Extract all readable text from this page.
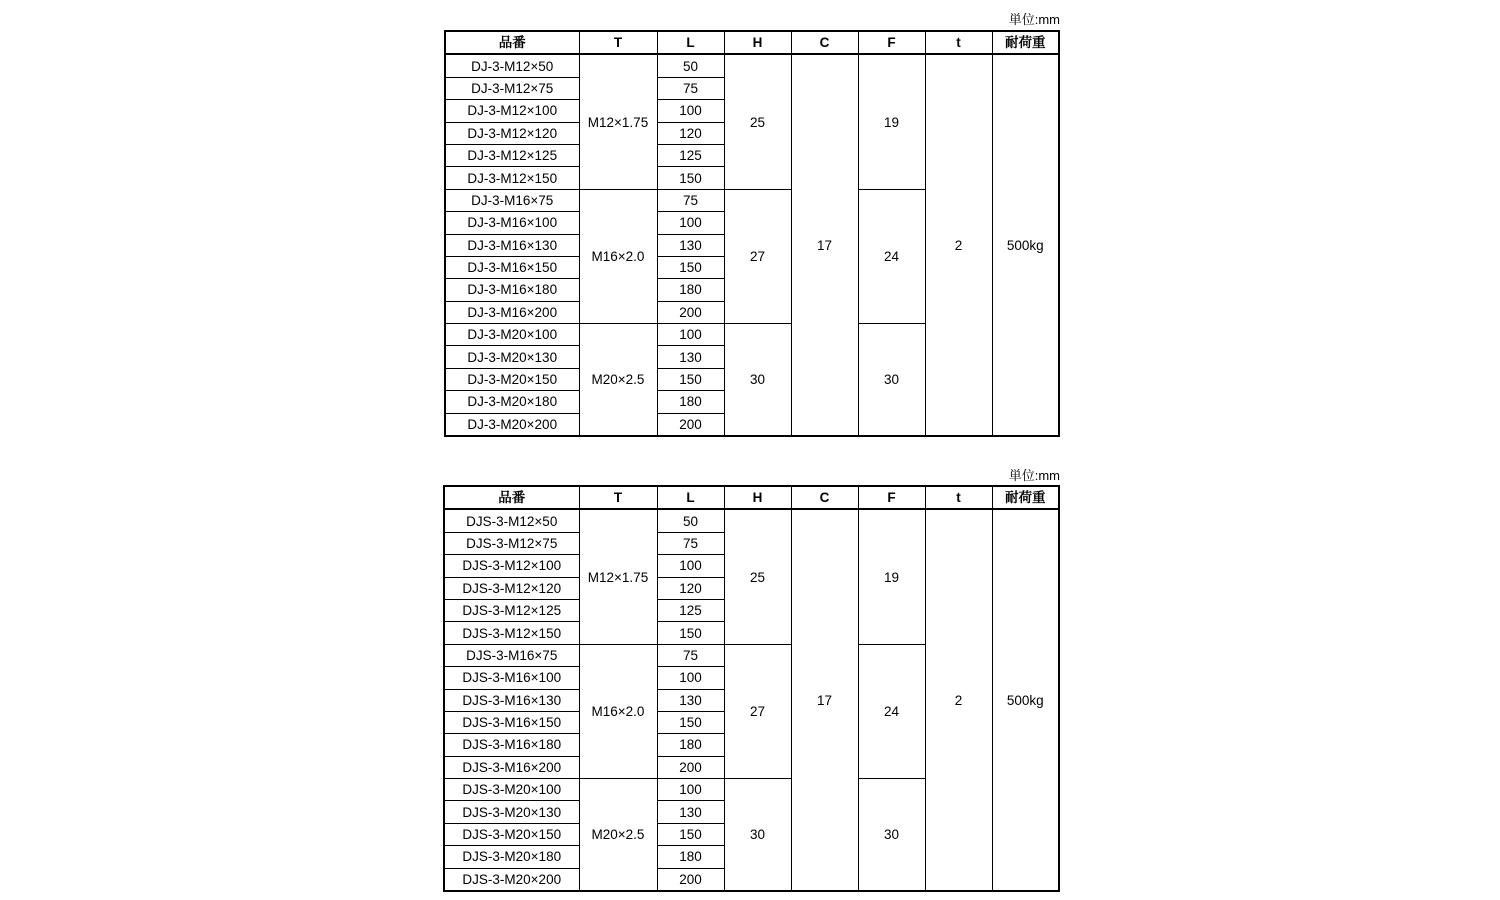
単位:mm
品番	T	L	H	C	F	t	耐荷重
DJ-3-M12×50	M12×1.75	50	25	17	19	2	500kg
DJ-3-M12×75		75					
DJ-3-M12×100		100					
DJ-3-M12×120		120					
DJ-3-M12×125		125					
DJ-3-M12×150		150					
DJ-3-M16×75	M16×2.0	75	27		24		
DJ-3-M16×100		100					
DJ-3-M16×130		130					
DJ-3-M16×150		150					
DJ-3-M16×180		180					
DJ-3-M16×200		200					
DJ-3-M20×100	M20×2.5	100	30		30		
DJ-3-M20×130		130					
DJ-3-M20×150		150					
DJ-3-M20×180		180					
DJ-3-M20×200		200					
単位:mm
品番	T	L	H	C	F	t	耐荷重
DJS-3-M12×50	M12×1.75	50	25	17	19	2	500kg
DJS-3-M12×75		75					
DJS-3-M12×100		100					
DJS-3-M12×120		120					
DJS-3-M12×125		125					
DJS-3-M12×150		150					
DJS-3-M16×75	M16×2.0	75	27		24		
DJS-3-M16×100		100					
DJS-3-M16×130		130					
DJS-3-M16×150		150					
DJS-3-M16×180		180					
DJS-3-M16×200		200					
DJS-3-M20×100	M20×2.5	100	30		30		
DJS-3-M20×130		130					
DJS-3-M20×150		150					
DJS-3-M20×180		180					
DJS-3-M20×200		200					
